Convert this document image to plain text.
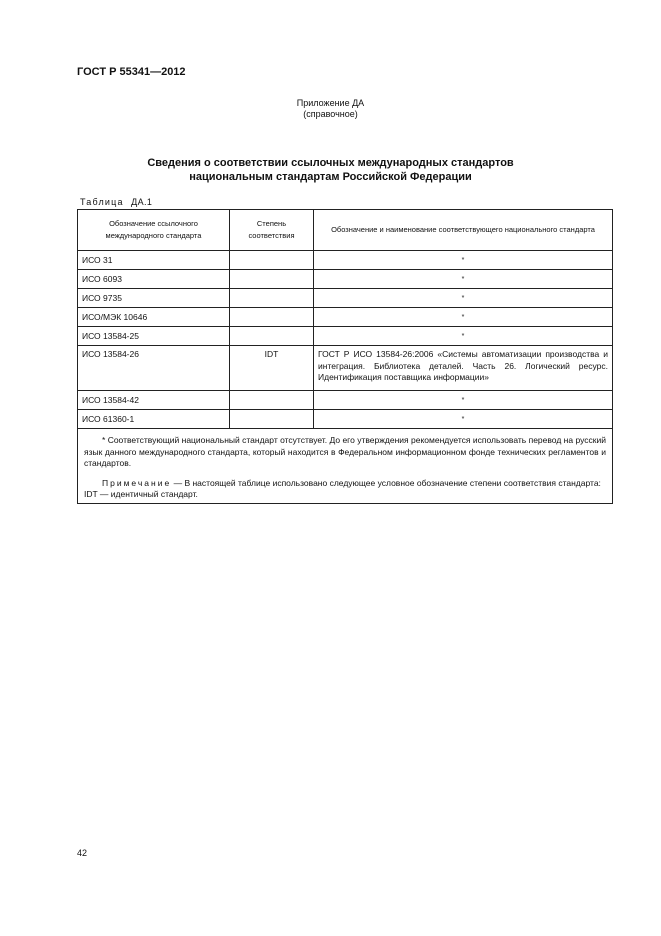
ГОСТ Р 55341—2012
Приложение ДА
(справочное)
Сведения о соответствии ссылочных международных стандартов
национальным стандартам Российской Федерации
Таблица ДА.1
Обозначение ссылочного международного стандарта	Степень соответствия	Обозначение и наименование соответствующего национального стандарта
ИСО 31		*
ИСО 6093		*
ИСО 9735		*
ИСО/МЭК 10646		*
ИСО 13584-25		*
ИСО 13584-26	IDT	ГОСТ Р ИСО 13584-26:2006 «Системы автоматизации производства и интеграция. Библиотека деталей. Часть 26. Логический ресурс. Идентификация поставщика информации»
ИСО 13584-42		*
ИСО 61360-1		*

* Соответствующий национальный стандарт отсутствует. До его утверждения рекомендуется использовать перевод на русский язык данного международного стандарта, который находится в Федеральном информационном фонде технических регламентов и стандартов.

Примечание — В настоящей таблице использовано следующее условное обозначение степени соответствия стандарта:

IDT — идентичный стандарт.		

42
